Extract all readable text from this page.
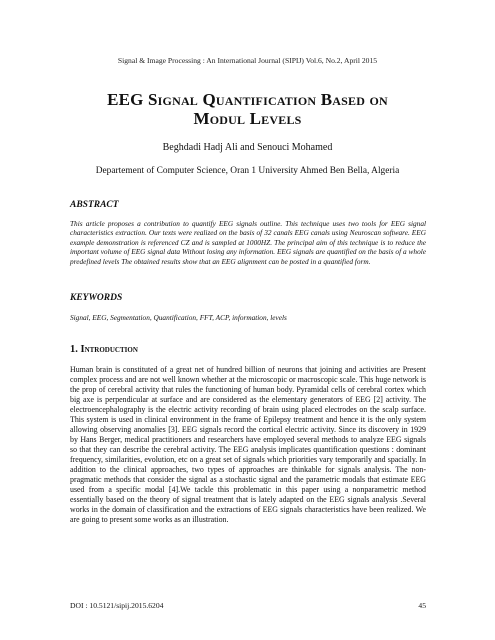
Signal & Image Processing : An International Journal (SIPIJ) Vol.6, No.2, April 2015
EEG Signal Quantification Based on
Modul Levels
Beghdadi Hadj Ali and Senouci Mohamed
Departement of Computer Science, Oran 1 University Ahmed Ben Bella, Algeria
ABSTRACT
This article proposes a contribution to quantify EEG signals outline. This technique uses two tools for EEG signal characteristics extraction. Our texts were realized on the basis of 32 canals EEG canals using Neuroscan software. EEG example demonstration is referenced CZ and is sampled at 1000HZ. The principal aim of this technique is to reduce the important volume of EEG signal data Without losing any information. EEG signals are quantified on the basis of a whole predefined levels The obtained results show that an EEG alignment can be posted in a quantified form.
KEYWORDS
Signal, EEG, Segmentation, Quantification, FFT, ACP, information, levels
1. Introduction
Human brain is constituted of a great net of hundred billion of neurons that joining and activities are Present complex process and are not well known whether at the microscopic or macroscopic scale. This huge network is the prop of cerebral activity that rules the functioning of human body. Pyramidal cells of cerebral cortex which big axe is perpendicular at surface and are considered as the elementary generators of EEG [2] activity. The electroencephalography is the electric activity recording of brain using placed electrodes on the scalp surface. This system is used in clinical environment in the frame of Epilepsy treatment and hence it is the only system allowing observing anomalies [3]. EEG signals record the cortical electric activity. Since its discovery in 1929 by Hans Berger, medical practitioners and researchers have employed several methods to analyze EEG signals so that they can describe the cerebral activity. The EEG analysis implicates quantification questions : dominant frequency, similarities, evolution, etc on a great set of signals which priorities vary temporarily and spacially. In addition to the clinical approaches, two types of approaches are thinkable for signals analysis. The non-pragmatic methods that consider the signal as a stochastic signal and the parametric modals that estimate EEG used from a specific modal [4].We tackle this problematic in this paper using a nonparametric method essentially based on the theory of signal treatment that is lately adapted on the EEG signals analysis .Several works in the domain of classification and the extractions of EEG signals characteristics have been realized. We are going to present some works as an illustration.
DOI : 10.5121/sipij.2015.6204	45
